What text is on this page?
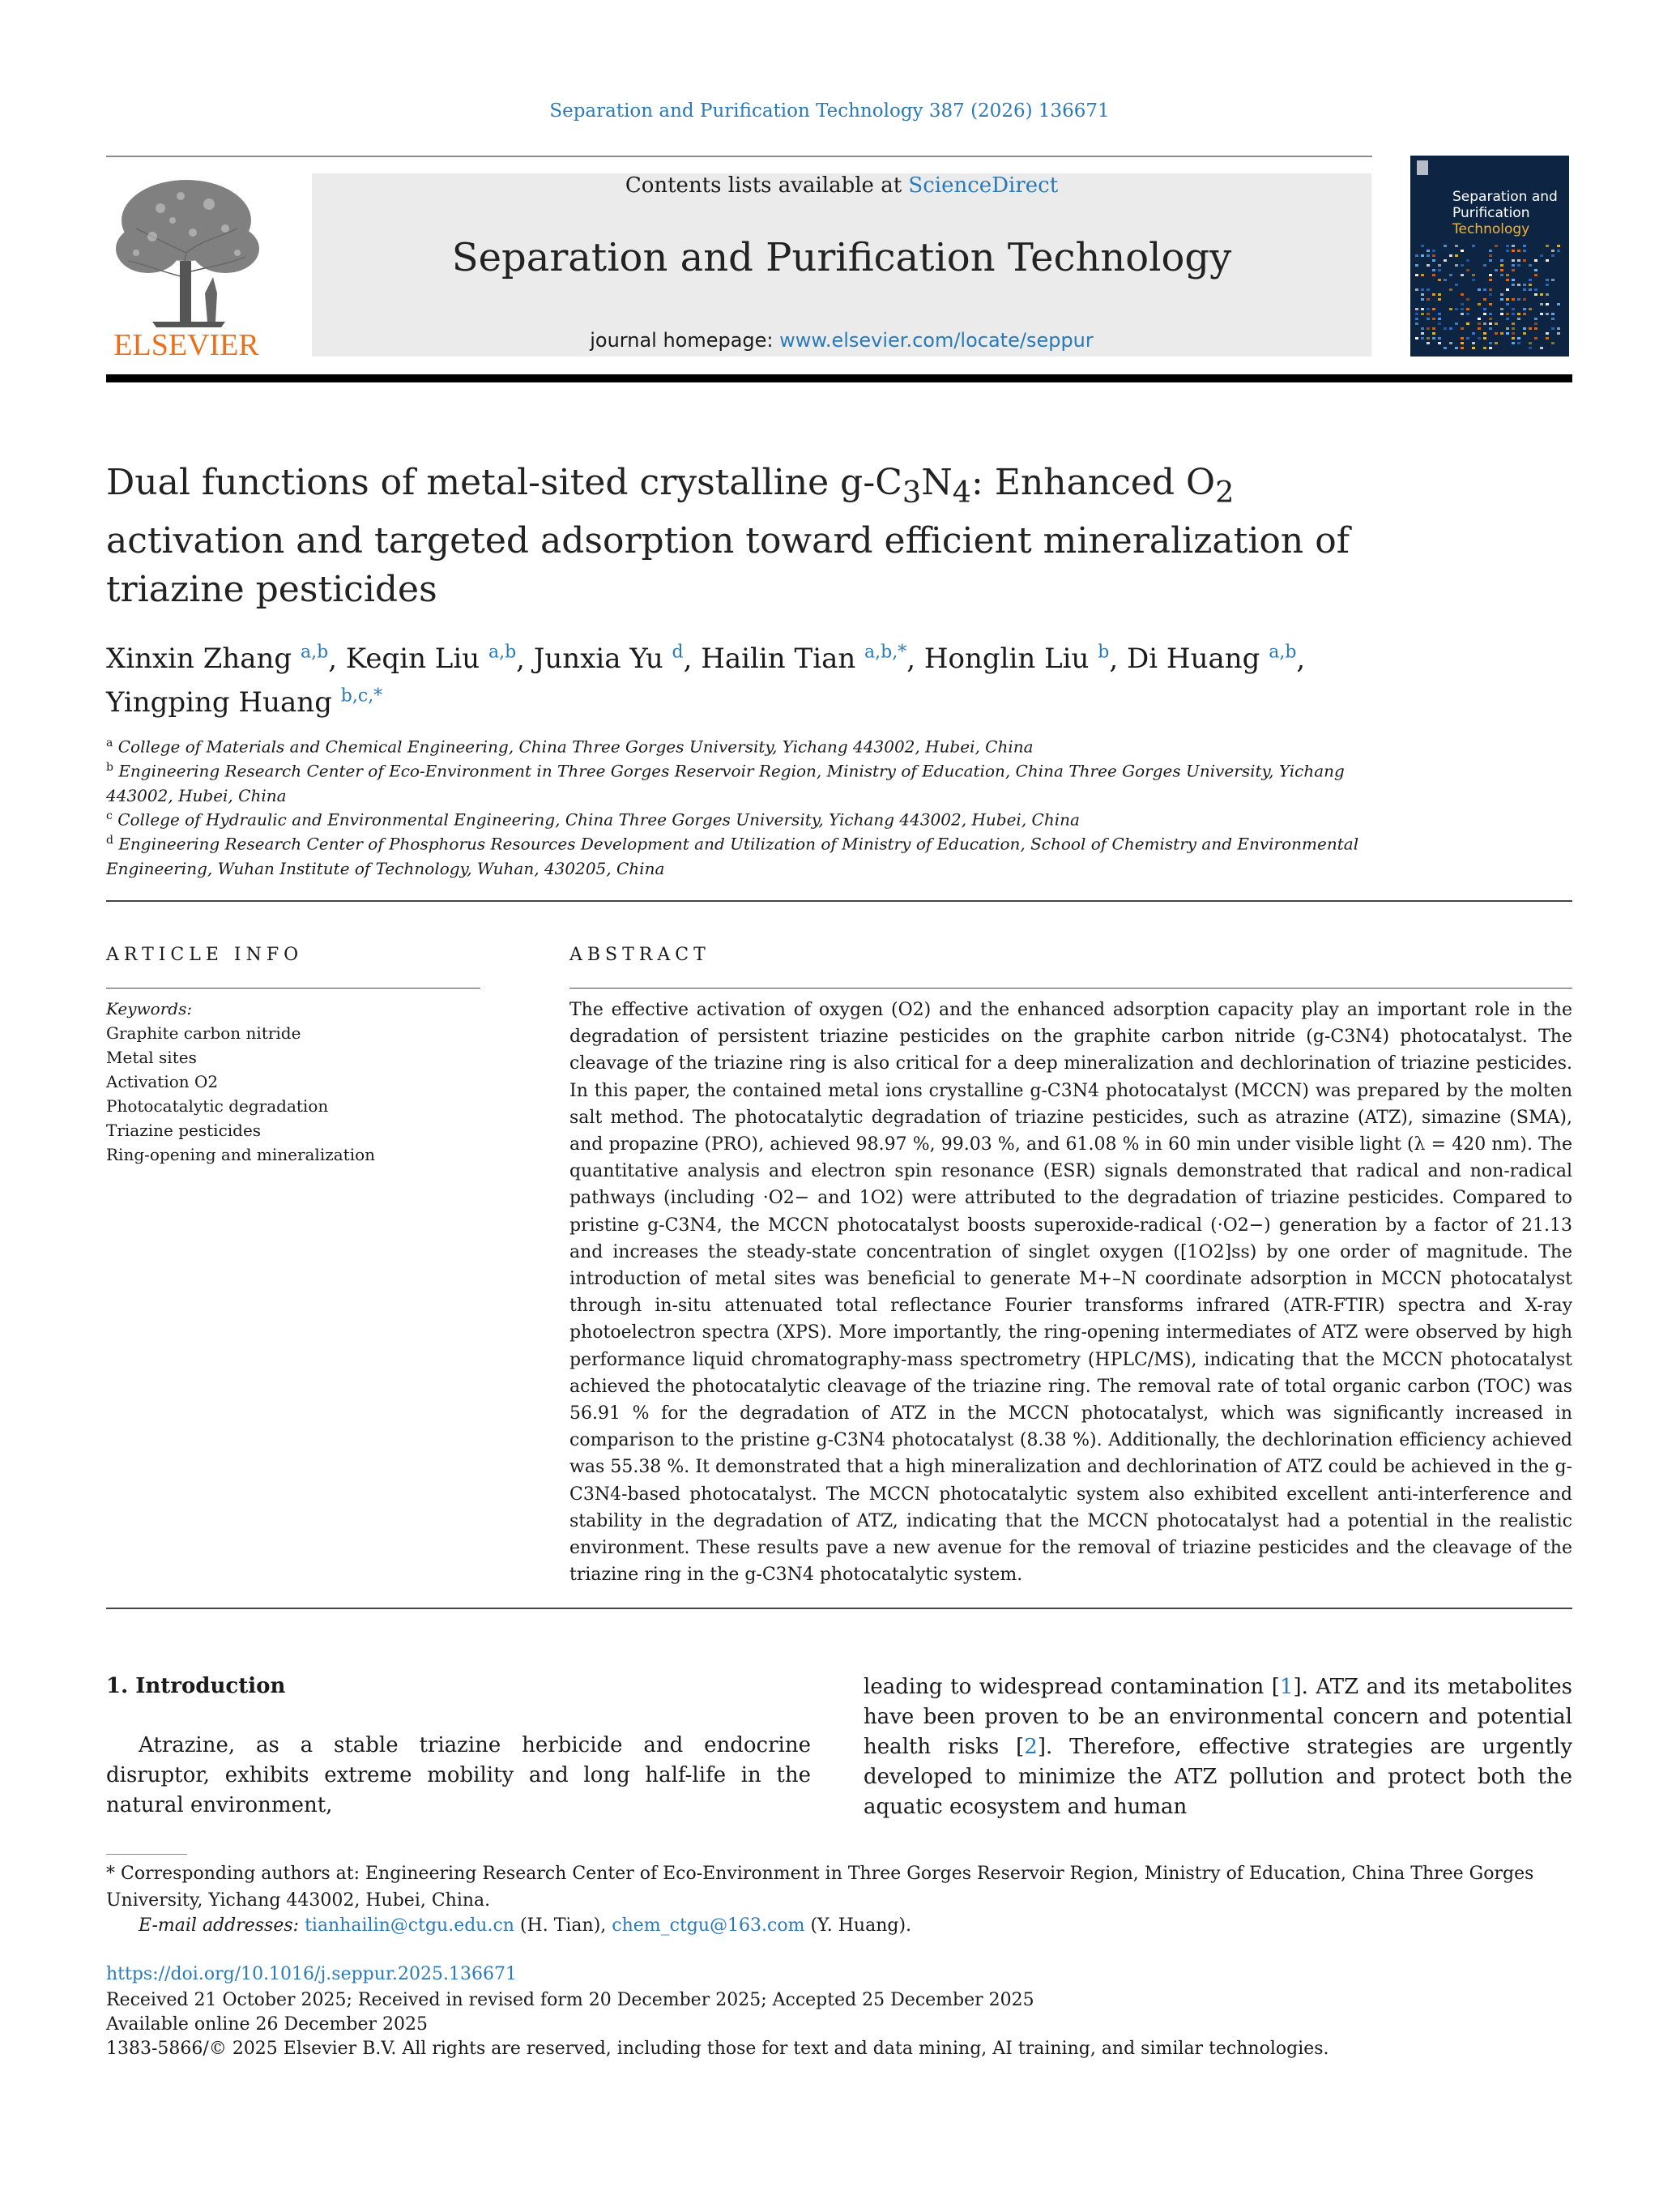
Separation and Purification Technology 387 (2026) 136671
ELSEVIER
Contents lists available at ScienceDirect
Separation and Purification Technology
journal homepage: www.elsevier.com/locate/seppur
Separation and
Purification
Technology
Dual functions of metal-sited crystalline $g-C_3N_4$: Enhanced $O_2$ activation and targeted adsorption toward efficient mineralization of triazine pesticides
Xinxin Zhang $^{a,b}$, Keqin Liu $^{a,b}$, Junxia Yu $^d$, Hailin Tian $^{a,b,*}$, Honglin Liu $^b$, Di Huang $^{a,b}$,
Yingping Huang $^{b,c,*}$
$^a$ College of Materials and Chemical Engineering, China Three Gorges University, Yichang 443002, Hubei, China
$^b$ Engineering Research Center of Eco-Environment in Three Gorges Reservoir Region, Ministry of Education, China Three Gorges University, Yichang 443002, Hubei, China
$^c$ College of Hydraulic and Environmental Engineering, China Three Gorges University, Yichang 443002, Hubei, China
$^d$ Engineering Research Center of Phosphorus Resources Development and Utilization of Ministry of Education, School of Chemistry and Environmental Engineering, Wuhan Institute of Technology, Wuhan, 430205, China
ARTICLE INFO
Keywords:
Graphite carbon nitride
Metal sites
Activation O2
Photocatalytic degradation
Triazine pesticides
Ring-opening and mineralization
ABSTRACT
The effective activation of oxygen (O2) and the enhanced adsorption capacity play an important role in the degradation of persistent triazine pesticides on the graphite carbon nitride (g-C3N4) photocatalyst. The cleavage of the triazine ring is also critical for a deep mineralization and dechlorination of triazine pesticides. In this paper, the contained metal ions crystalline g-C3N4 photocatalyst (MCCN) was prepared by the molten salt method. The photocatalytic degradation of triazine pesticides, such as atrazine (ATZ), simazine (SMA), and propazine (PRO), achieved 98.97 %, 99.03 %, and 61.08 % in 60 min under visible light (λ = 420 nm). The quantitative analysis and electron spin resonance (ESR) signals demonstrated that radical and non-radical pathways (including ·O2− and 1O2) were attributed to the degradation of triazine pesticides. Compared to pristine g-C3N4, the MCCN photocatalyst boosts superoxide-radical (·O2−) generation by a factor of 21.13 and increases the steady-state concentration of singlet oxygen ([1O2]ss) by one order of magnitude. The introduction of metal sites was beneficial to generate M+–N coordinate adsorption in MCCN photocatalyst through in-situ attenuated total reflectance Fourier transforms infrared (ATR-FTIR) spectra and X-ray photoelectron spectra (XPS). More importantly, the ring-opening intermediates of ATZ were observed by high performance liquid chromatography-mass spectrometry (HPLC/MS), indicating that the MCCN photocatalyst achieved the photocatalytic cleavage of the triazine ring. The removal rate of total organic carbon (TOC) was 56.91 % for the degradation of ATZ in the MCCN photocatalyst, which was significantly increased in comparison to the pristine g-C3N4 photocatalyst (8.38 %). Additionally, the dechlorination efficiency achieved was 55.38 %. It demonstrated that a high mineralization and dechlorination of ATZ could be achieved in the g-C3N4-based photocatalyst. The MCCN photocatalytic system also exhibited excellent anti-interference and stability in the degradation of ATZ, indicating that the MCCN photocatalyst had a potential in the realistic environment. These results pave a new avenue for the removal of triazine pesticides and the cleavage of the triazine ring in the g-C3N4 photocatalytic system.
1. Introduction
Atrazine, as a stable triazine herbicide and endocrine disruptor, exhibits extreme mobility and long half-life in the natural environment,
leading to widespread contamination [1]. ATZ and its metabolites have been proven to be an environmental concern and potential health risks [2]. Therefore, effective strategies are urgently developed to minimize the ATZ pollution and protect both the aquatic ecosystem and human
* Corresponding authors at: Engineering Research Center of Eco-Environment in Three Gorges Reservoir Region, Ministry of Education, China Three Gorges University, Yichang 443002, Hubei, China.
E-mail addresses: tianhailin@ctgu.edu.cn (H. Tian), chem_ctgu@163.com (Y. Huang).
https://doi.org/10.1016/j.seppur.2025.136671
Received 21 October 2025; Received in revised form 20 December 2025; Accepted 25 December 2025
Available online 26 December 2025
1383-5866/© 2025 Elsevier B.V. All rights are reserved, including those for text and data mining, AI training, and similar technologies.
